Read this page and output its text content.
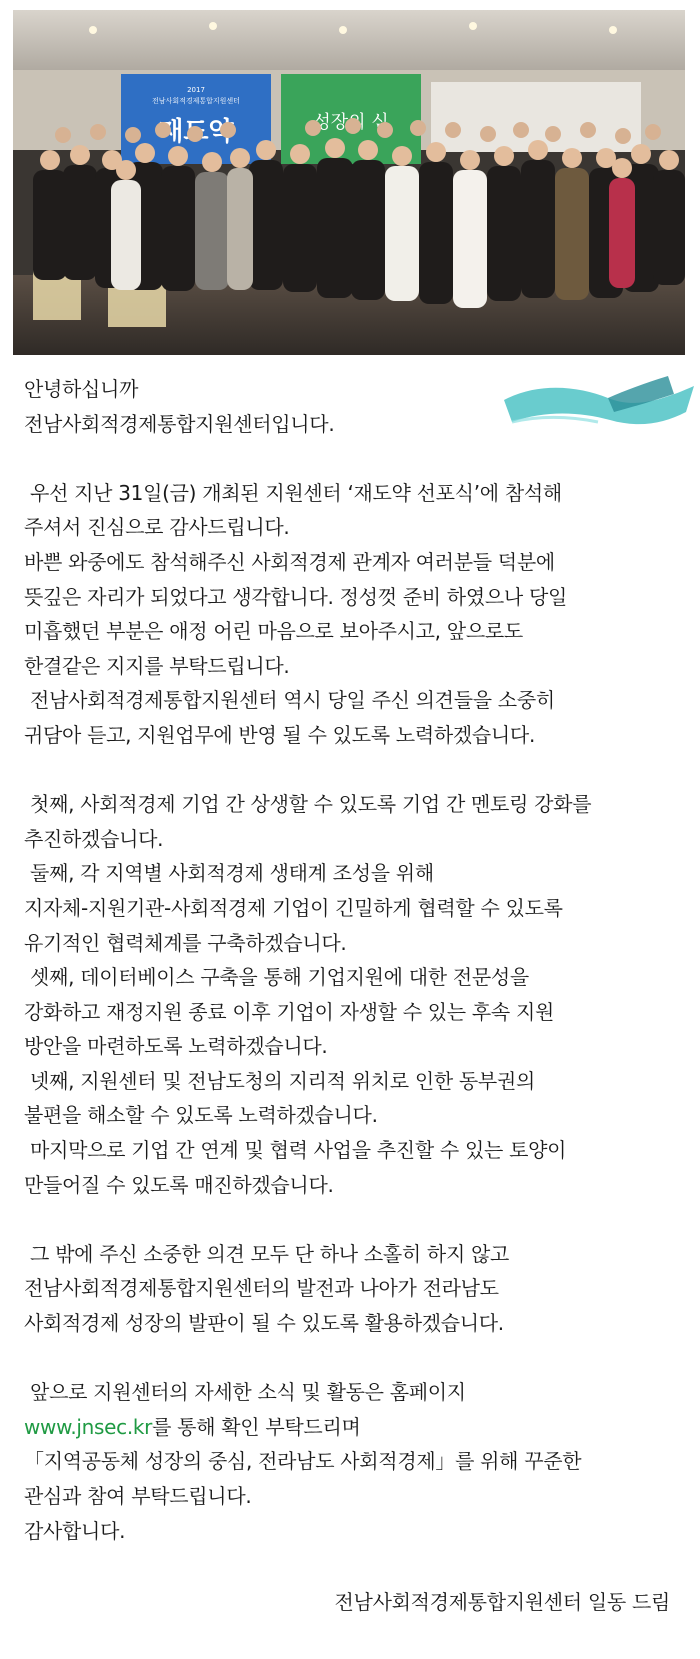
2017
전남사회적경제통합지원센터
성장의 심

안녕하십니까

전남사회적경제통합지원센터입니다.

우선 지난 31일(금) 개최된 지원센터 ‘재도약 선포식’에 참석해

주셔서 진심으로 감사드립니다.

바쁜 와중에도 참석해주신 사회적경제 관계자 여러분들 덕분에

뜻깊은 자리가 되었다고 생각합니다. 정성껏 준비 하였으나 당일

미흡했던 부분은 애정 어린 마음으로 보아주시고, 앞으로도

한결같은 지지를 부탁드립니다.

전남사회적경제통합지원센터 역시 당일 주신 의견들을 소중히

귀담아 듣고, 지원업무에 반영 될 수 있도록 노력하겠습니다.

첫째, 사회적경제 기업 간 상생할 수 있도록 기업 간 멘토링 강화를

추진하겠습니다.

둘째, 각 지역별 사회적경제 생태계 조성을 위해

지자체-지원기관-사회적경제 기업이 긴밀하게 협력할 수 있도록

유기적인 협력체계를 구축하겠습니다.

셋째, 데이터베이스 구축을 통해 기업지원에 대한 전문성을

강화하고 재정지원 종료 이후 기업이 자생할 수 있는 후속 지원

방안을 마련하도록 노력하겠습니다.

넷째, 지원센터 및 전남도청의 지리적 위치로 인한 동부권의

불편을 해소할 수 있도록 노력하겠습니다.

마지막으로 기업 간 연계 및 협력 사업을 추진할 수 있는 토양이

만들어질 수 있도록 매진하겠습니다.

그 밖에 주신 소중한 의견 모두 단 하나 소홀히 하지 않고

전남사회적경제통합지원센터의 발전과 나아가 전라남도

사회적경제 성장의 발판이 될 수 있도록 활용하겠습니다.

앞으로 지원센터의 자세한 소식 및 활동은 홈페이지

www.jnsec.kr를 통해 확인 부탁드리며

「지역공동체 성장의 중심, 전라남도 사회적경제」를 위해 꾸준한

관심과 참여 부탁드립니다.

감사합니다.

전남사회적경제통합지원센터 일동 드림
